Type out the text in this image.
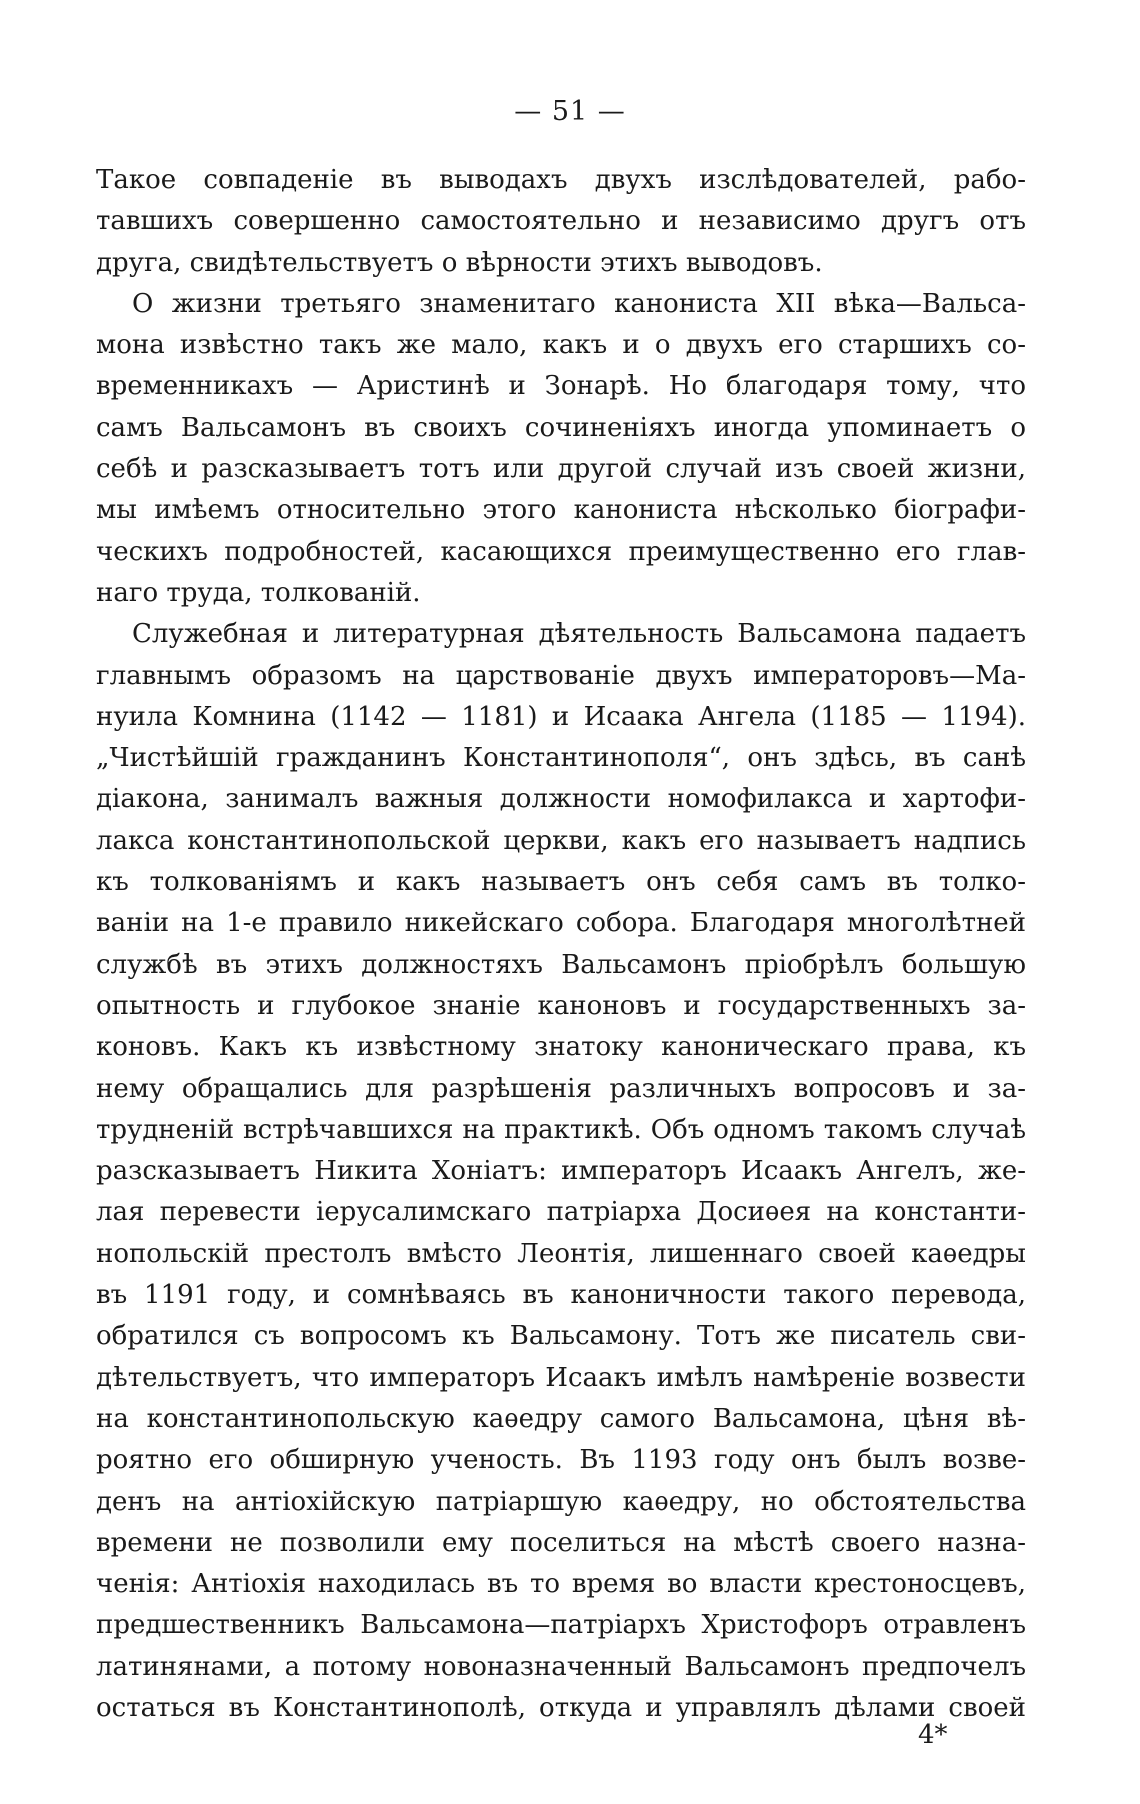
— 51 —
Такое совпаденіе въ выводахъ двухъ изслѣдователей, рабо-
тавшихъ совершенно самостоятельно и независимо другъ отъ
друга, свидѣтельствуетъ о вѣрности этихъ выводовъ.
О жизни третьяго знаменитаго канониста XII вѣка—Вальса-
мона извѣстно такъ же мало, какъ и о двухъ его старшихъ со-
временникахъ — Аристинѣ и Зонарѣ. Но благодаря тому, что
самъ Вальсамонъ въ своихъ сочиненіяхъ иногда упоминаетъ о
себѣ и разсказываетъ тотъ или другой случай изъ своей жизни,
мы имѣемъ относительно этого канониста нѣсколько біографи-
ческихъ подробностей, касающихся преимущественно его глав-
наго труда, толкованій.
Служебная и литературная дѣятельность Вальсамона падаетъ
главнымъ образомъ на царствованіе двухъ императоровъ—Ма-
нуила Комнина (1142 — 1181) и Исаака Ангела (1185 — 1194).
„Чистѣйшій гражданинъ Константинополя“, онъ здѣсь, въ санѣ
діакона, занималъ важныя должности номофилакса и хартофи-
лакса константинопольской церкви, какъ его называетъ надпись
къ толкованіямъ и какъ называетъ онъ себя самъ въ толко-
ваніи на 1-е правило никейскаго собора. Благодаря многолѣтней
службѣ въ этихъ должностяхъ Вальсамонъ пріобрѣлъ большую
опытность и глубокое знаніе каноновъ и государственныхъ за-
коновъ. Какъ къ извѣстному знатоку каноническаго права, къ
нему обращались для разрѣшенія различныхъ вопросовъ и за-
трудненій встрѣчавшихся на практикѣ. Объ одномъ такомъ случаѣ
разсказываетъ Никита Хоніатъ: императоръ Исаакъ Ангелъ, же-
лая перевести іерусалимскаго патріарха Досиѳея на константи-
нопольскій престолъ вмѣсто Леонтія, лишеннаго своей каѳедры
въ 1191 году, и сомнѣваясь въ каноничности такого перевода,
обратился съ вопросомъ къ Вальсамону. Тотъ же писатель сви-
дѣтельствуетъ, что императоръ Исаакъ имѣлъ намѣреніе возвести
на константинопольскую каѳедру самого Вальсамона, цѣня вѣ-
роятно его обширную ученость. Въ 1193 году онъ былъ возве-
денъ на антіохійскую патріаршую каѳедру, но обстоятельства
времени не позволили ему поселиться на мѣстѣ своего назна-
ченія: Антіохія находилась въ то время во власти крестоносцевъ,
предшественникъ Вальсамона—патріархъ Христофоръ отравленъ
латинянами, а потому новоназначенный Вальсамонъ предпочелъ
остаться въ Константинополѣ, откуда и управлялъ дѣлами своей
4*
